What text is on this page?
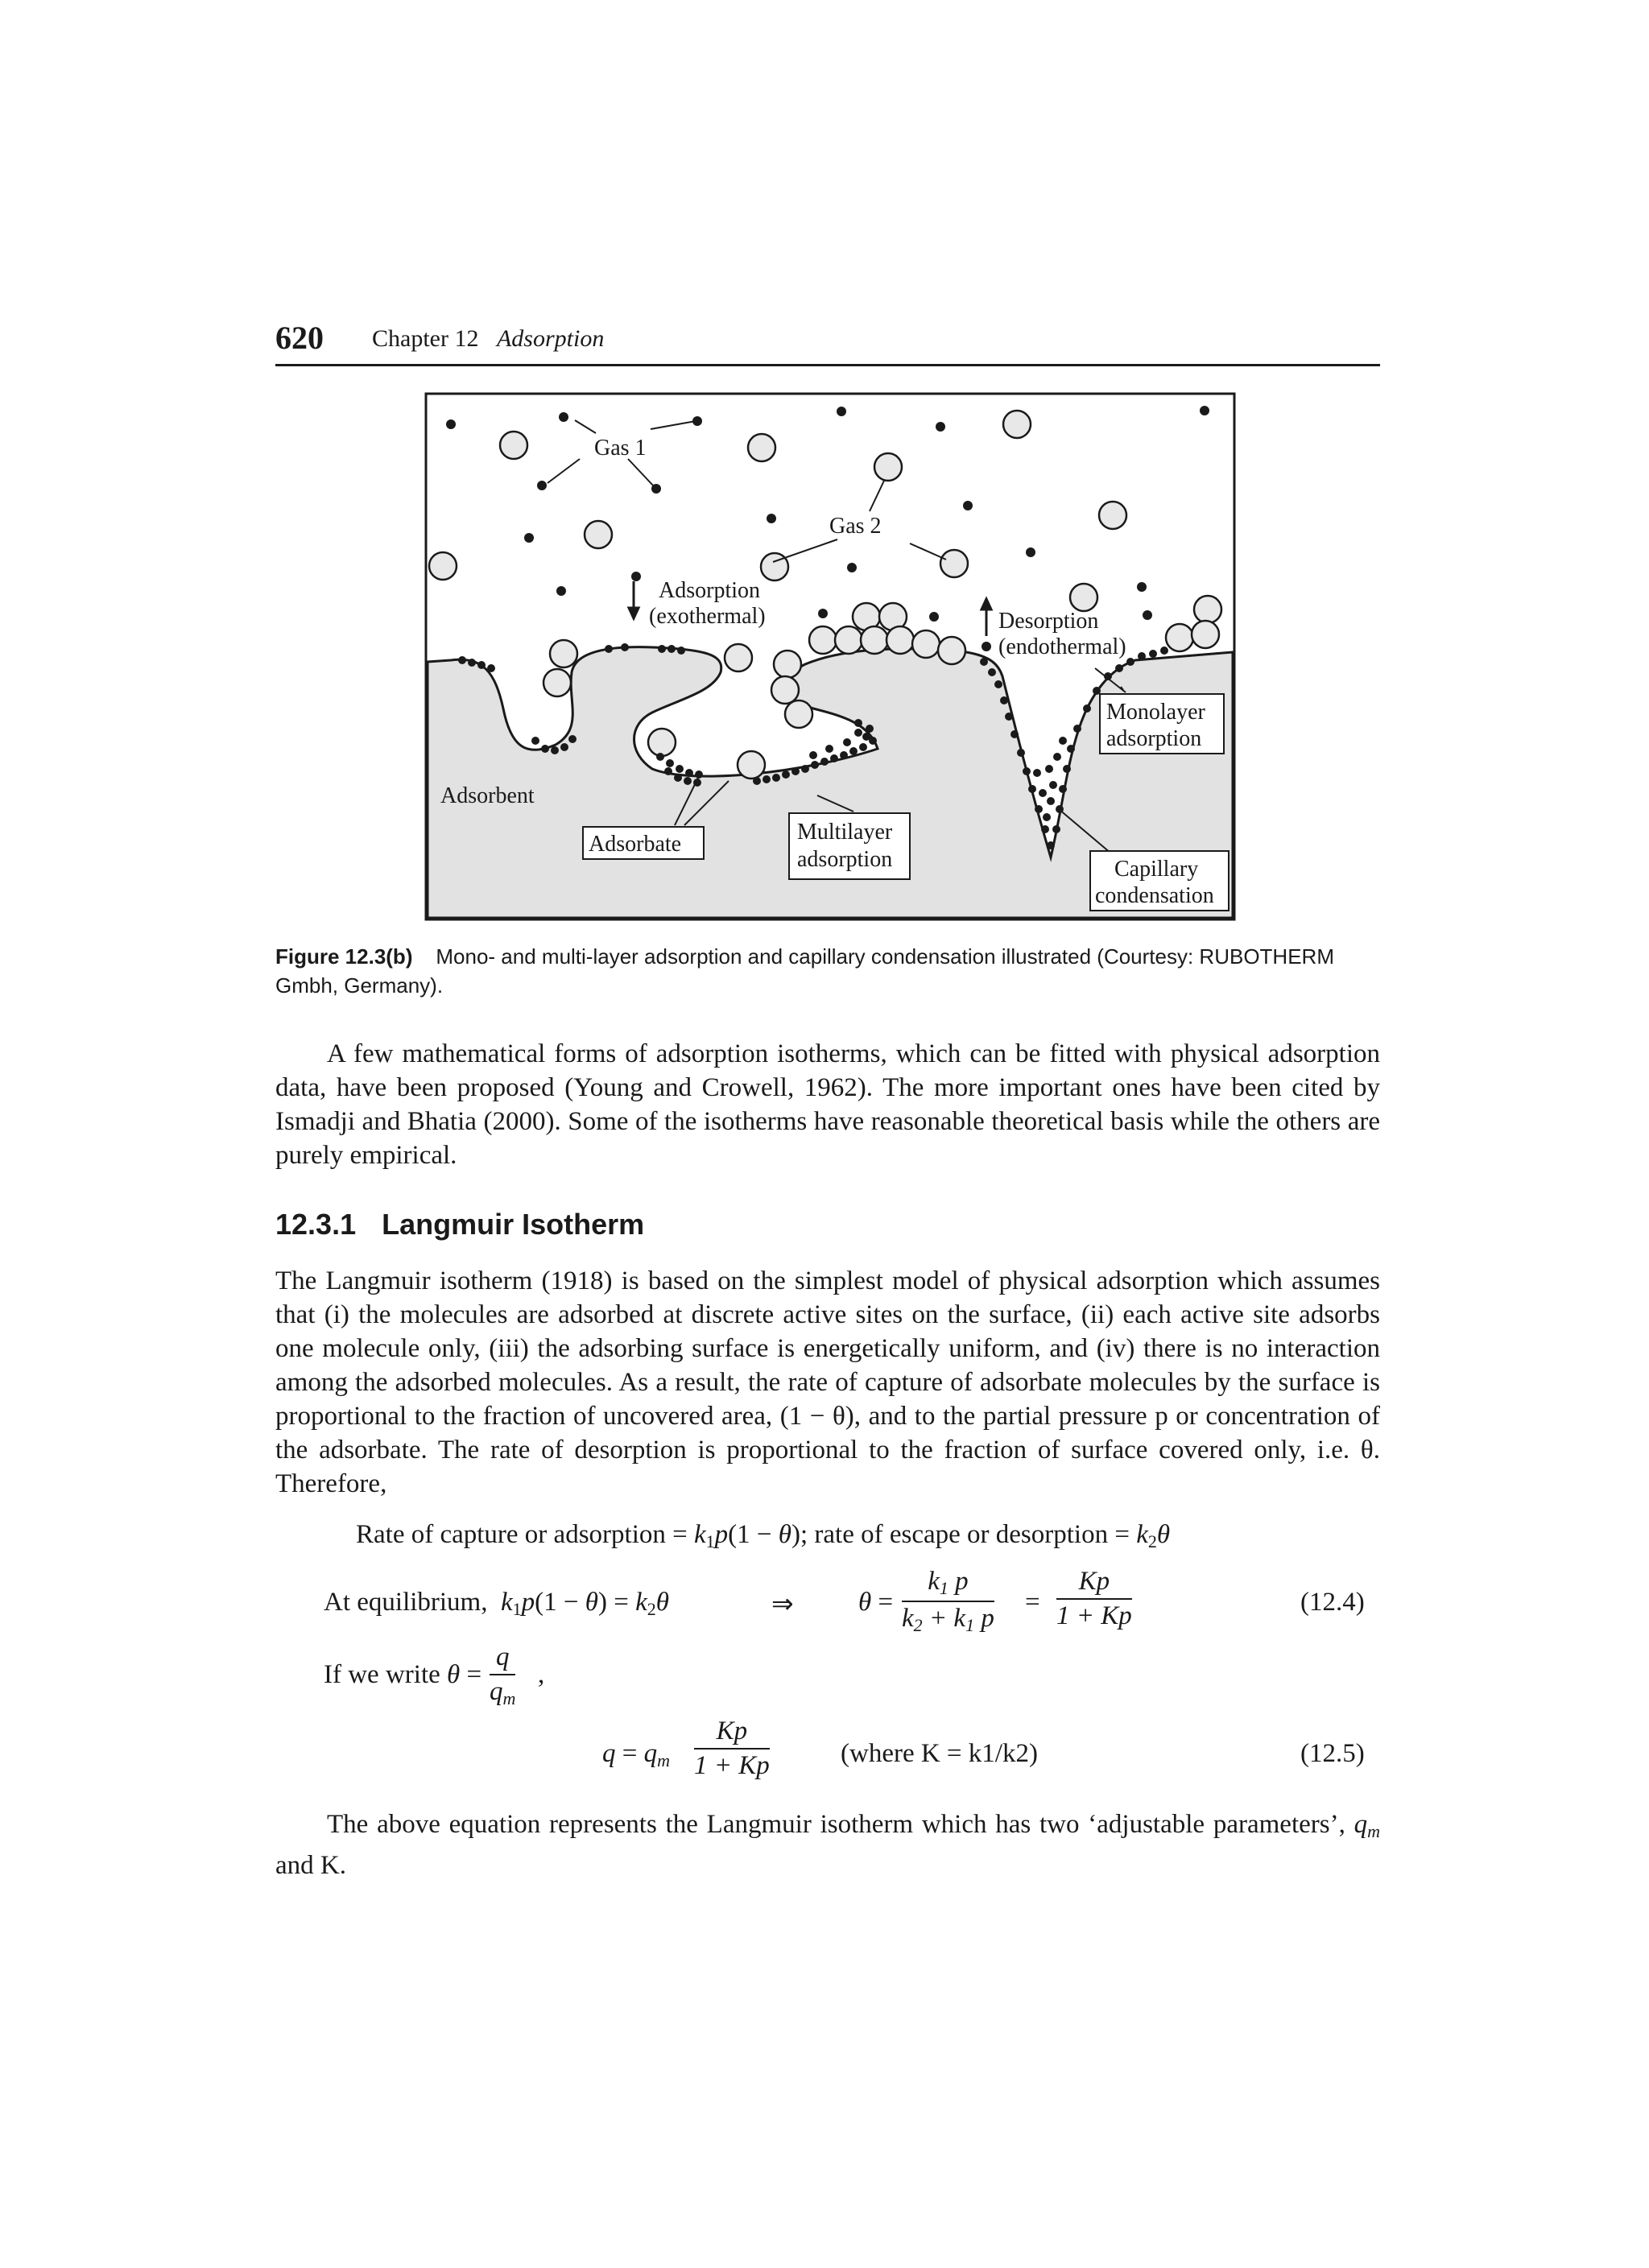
620 Chapter 12 Adsorption
Gas 1
Gas 2
Adsorption
(exothermal)	Desorption
(endothermal)
Adsorbent
Adsorbate	Multilayer
adsorption
Monolayer
adsorption
Capillary
condensation
Figure 12.3(b) Mono- and multi-layer adsorption and capillary condensation illustrated (Courtesy: RUBOTHERM Gmbh, Germany).
A few mathematical forms of adsorption isotherms, which can be fitted with physical adsorption data, have been proposed (Young and Crowell, 1962). The more important ones have been cited by Ismadji and Bhatia (2000). Some of the isotherms have reasonable theoretical basis while the others are purely empirical.
12.3.1 Langmuir Isotherm
The Langmuir isotherm (1918) is based on the simplest model of physical adsorption which assumes that (i) the molecules are adsorbed at discrete active sites on the surface, (ii) each active site adsorbs one molecule only, (iii) the adsorbing surface is energetically uniform, and (iv) there is no interaction among the adsorbed molecules. As a result, the rate of capture of adsorbate molecules by the surface is proportional to the fraction of uncovered area, (1 − θ), and to the partial pressure p or concentration of the adsorbate. The rate of desorption is proportional to the fraction of surface covered only, i.e. θ. Therefore,
Rate of capture or adsorption = $k_1p(1 - \theta)$; rate of escape or desorption = $k_2\theta$
At equilibrium, $k_1p(1 - \theta) = k_2\theta$	⇒ $\theta = \frac{k_1 p}{k_2 + k_1 p} = \frac{Kp}{1 + Kp}$	(12.4)
If we write $\theta = \frac{q}{q_m}$ ,
$q = q_m \frac{Kp}{1 + Kp}$	(where K = k1/k2)	(12.5)
The above equation represents the Langmuir isotherm which has two ‘adjustable parameters’, $q_m$ and K.
